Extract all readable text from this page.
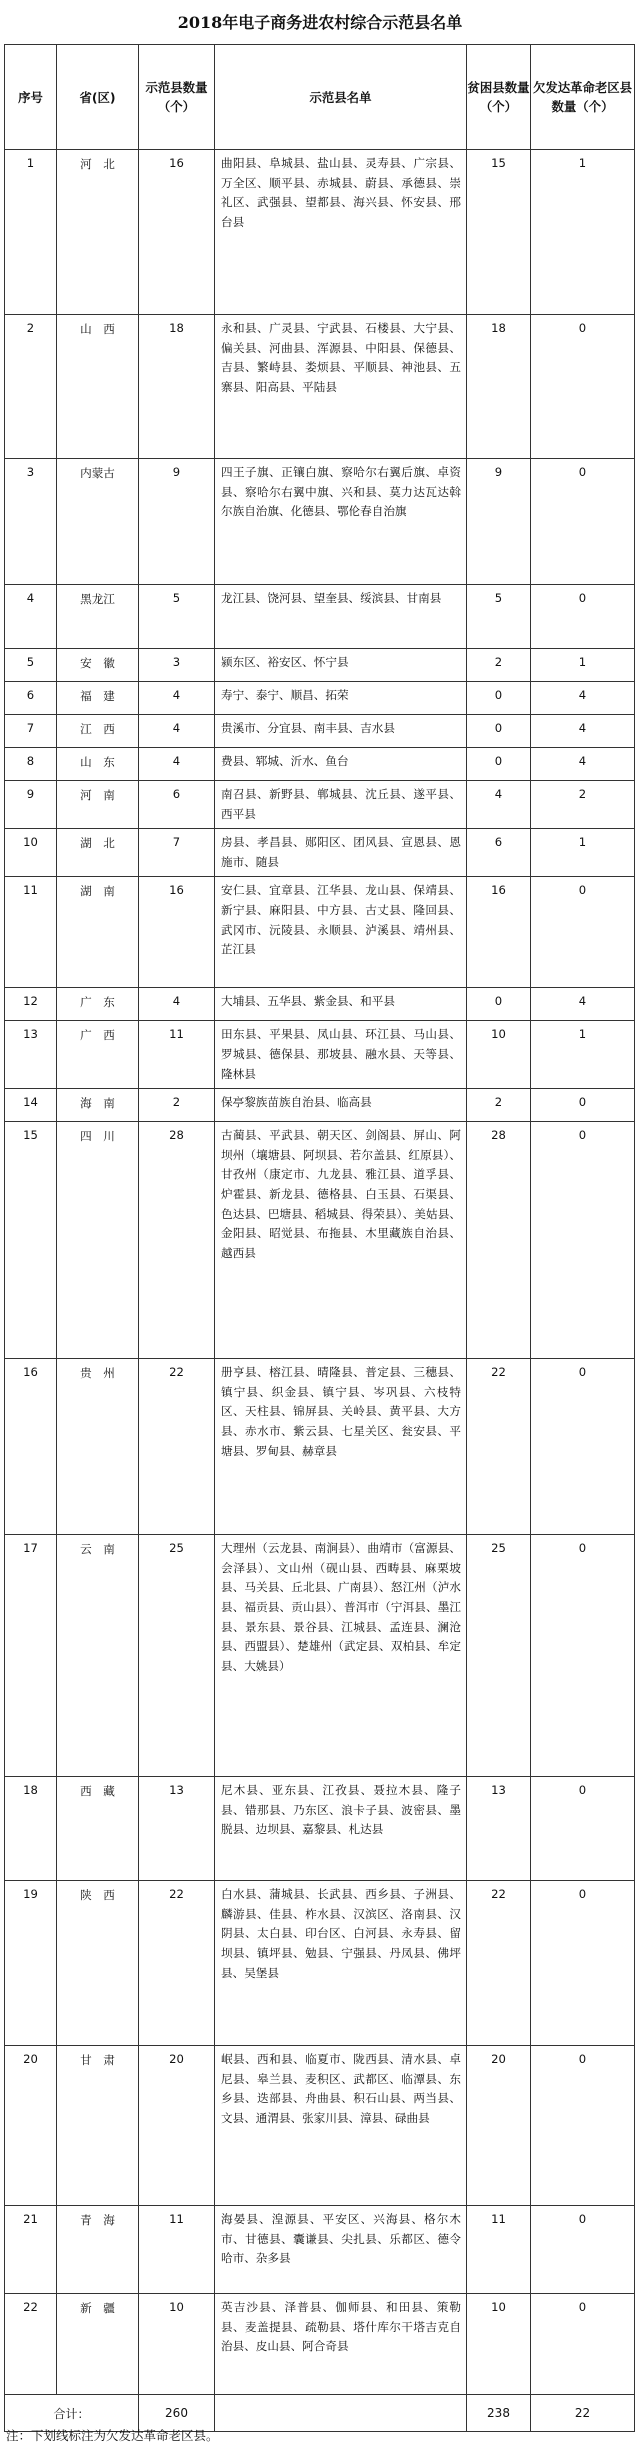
2018年电子商务进农村综合示范县名单
序号	省(区)	示范县数量（个）	示范县名单	贫困县数量（个）	欠发达革命老区县数量（个）
1	河　北	16	曲阳县、阜城县、盐山县、灵寿县、广宗县、万全区、顺平县、赤城县、蔚县、承德县、崇礼区、武强县、望都县、海兴县、怀安县、邢台县	15	1
2	山　西	18	永和县、广灵县、宁武县、石楼县、大宁县、偏关县、河曲县、浑源县、中阳县、保德县、吉县、繁峙县、娄烦县、平顺县、神池县、五寨县、阳高县、平陆县	18	0
3	内蒙古	9	四王子旗、正镶白旗、察哈尔右翼后旗、卓资县、察哈尔右翼中旗、兴和县、莫力达瓦达斡尔族自治旗、化德县、鄂伦春自治旗	9	0
4	黑龙江	5	龙江县、饶河县、望奎县、绥滨县、甘南县	5	0
5	安　徽	3	颍东区、裕安区、怀宁县	2	1
6	福　建	4	寿宁、泰宁、顺昌、拓荣	0	4
7	江　西	4	贵溪市、分宜县、南丰县、吉水县	0	4
8	山　东	4	费县、郓城、沂水、鱼台	0	4
9	河　南	6	南召县、新野县、郸城县、沈丘县、遂平县、西平县	4	2
10	湖　北	7	房县、孝昌县、郧阳区、团风县、宣恩县、恩施市、随县	6	1
11	湖　南	16	安仁县、宜章县、江华县、龙山县、保靖县、新宁县、麻阳县、中方县、古丈县、隆回县、武冈市、沅陵县、永顺县、泸溪县、靖州县、芷江县	16	0
12	广　东	4	大埔县、五华县、紫金县、和平县	0	4
13	广　西	11	田东县、平果县、凤山县、环江县、马山县、罗城县、德保县、那坡县、融水县、天等县、隆林县	10	1
14	海　南	2	保亭黎族苗族自治县、临高县	2	0
15	四　川	28	古蔺县、平武县、朝天区、剑阁县、屏山、阿坝州（壤塘县、阿坝县、若尔盖县、红原县）、甘孜州（康定市、九龙县、雅江县、道孚县、炉霍县、新龙县、德格县、白玉县、石渠县、色达县、巴塘县、稻城县、得荣县）、美姑县、金阳县、昭觉县、布拖县、木里藏族自治县、越西县	28	0
16	贵　州	22	册亨县、榕江县、晴隆县、普定县、三穗县、镇宁县、织金县、镇宁县、岑巩县、六枝特区、天柱县、锦屏县、关岭县、黄平县、大方县、赤水市、紫云县、七星关区、瓮安县、平塘县、罗甸县、赫章县	22	0
17	云　南	25	大理州（云龙县、南涧县）、曲靖市（富源县、会泽县）、文山州（砚山县、西畴县、麻栗坡县、马关县、丘北县、广南县）、怒江州（泸水县、福贡县、贡山县）、普洱市（宁洱县、墨江县、景东县、景谷县、江城县、孟连县、澜沧县、西盟县）、楚雄州（武定县、双柏县、牟定县、大姚县）	25	0
18	西　藏	13	尼木县、亚东县、江孜县、聂拉木县、隆子县、错那县、乃东区、浪卡子县、波密县、墨脱县、边坝县、嘉黎县、札达县	13	0
19	陕　西	22	白水县、蒲城县、长武县、西乡县、子洲县、麟游县、佳县、柞水县、汉滨区、洛南县、汉阴县、太白县、印台区、白河县、永寿县、留坝县、镇坪县、勉县、宁强县、丹凤县、佛坪县、吴堡县	22	0
20	甘　肃	20	岷县、西和县、临夏市、陇西县、清水县、卓尼县、皋兰县、麦积区、武都区、临潭县、东乡县、迭部县、舟曲县、积石山县、两当县、文县、通渭县、张家川县、漳县、碌曲县	20	0
21	青　海	11	海晏县、湟源县、平安区、兴海县、格尔木市、甘德县、囊谦县、尖扎县、乐都区、德令哈市、杂多县	11	0
22	新　疆	10	英吉沙县、泽普县、伽师县、和田县、策勒县、麦盖提县、疏勒县、塔什库尔干塔吉克自治县、皮山县、阿合奇县	10	0
合计：		260		238	22
注：下划线标注为欠发达革命老区县。
